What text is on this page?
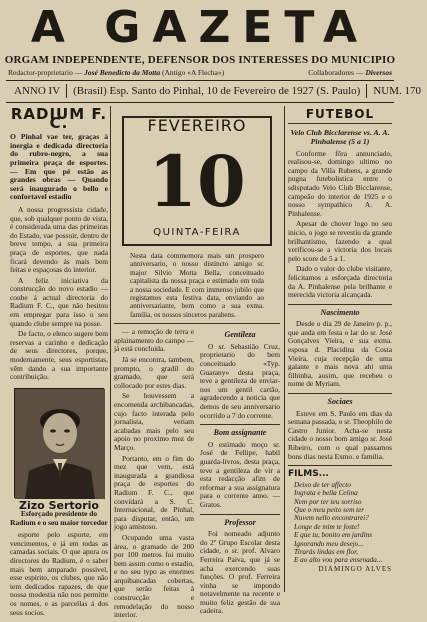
A GAZETA
ORGAM INDEPENDENTE, DEFENSOR DOS INTERESSES DO MUNICIPIO
Redactor-proprietario — José Benedicto da Motta (Antigo «A Flecha»)	Collaboradores — Diversos
ANNO IV	(Brasil) Esp. Santo do Pinhal, 10 de Fevereiro de 1927 (S. Paulo)	NUM. 170
RADIUM F. C.
O Pinhal vae ter, graças á inergia e dedicada directoria do rubro-negro, a sua primeira praça de esportes. — Em que pé estão as grandes obras — Quando será inaugurado o bello e confortavel estadio

A nossa progressista cidade, que, sob qualquer ponto de vista, é considerada uma das primeiras do Estado, vae possuir, dentro de breve tempo, a sua primeira praça de esportes, que nada ficará devendo ás mais bem feitas e espaçosas do interior.

A feliz iniciativa da construcção do novo estadio — coube á actual directoria do Radium F. C., que não hesitou em empregar para isso o seu quando clube sempre na posse.

De facto, o elenco sugere bem reservas a carinho e dedicação de seus directores, porque, modernamente, seus esportistas, vêm dando a sua importante contribuição.

Zizo Sertorio
Esforçado presidente do Radium e o seu maior torcedor

esporte pelo esporte, em vencimentos, e já em todas as camadas sociais. O que apura os directores do Radium, é o saber mais bem amparado possivel, esse espirito, os clubes, que não tem dedicados rapazes, de que nossa modestia não nos permitte os nomes, e as parcellas á dos seus socios.

FEVEREIRO
10
QUINTA-FEIRA
Nesta data commemora mais um prospero anniversario, o nosso distincto amigo sr. major Silvio Motta Bella, conceituado capitalista da nossa praça e estimado em toda a nossa sociedade. E com immenso jubilo que registamos esta festiva data, enviando ao anniversariante, bem como a sua exma. familia, os nossos sinceros parabens.

— a remoção de terra e aplainamento do campo — já está concluida.

Já se encontra, tambem, prompto, o gradil do gramado, que será collocado por estes dias.

Se houvessem a encomenda archibancadas, cujo facto interada pelo jornalista, veriam acabadas mais pelo seu apoio no proximo mez de Março.

Portanto, em o fim do mez que vem, está inaugurada a grandiosa praça de esportes do Radium F. C., que convidará a S. C. Internacional, de Pinhal, para disputar, então, um jogo amistoso.

Ocupando uma vasta área, o gramado de 200 por 100 metros foi muito bem assim como o estadio, e no seu typo as enormes arquibancadas cobertas, que serão feitas á construcção e remodelação do nosso interior.

Gentileza

O sr. Sebastião Cruz, proprietario do bem conceituado «Typ. Guarany» desta praça, teve a gentileza de enviar-nos um gentil cartão, agradecendo a noticia que demos de seu anniversario ocorrido a 7 do corrente.

Bom assignante

O estimado moço sr. José de Fellipe, habil guarda-livros, desta praça, teve a gentileza de vir a esta redacção afim de reformar a sua assignatura para o corrente anno. — Gratos.

Professor

Foi nomeado adjunto do 2º Grupo Escolar desta cidade, o sr. prof. Alvaro Ferreira Paiva, que já se acha exercendo suas funções. O prof. Ferreira vinha se impondo notavelmente na recente e muito feliz gestão de sua cadeira.

FUTEBOL
Velo Club Bicclarense vs. A. A. Pinhalense (5 a 1)

Conforme fôra annunciado, realisou-se, domingo ultimo no campo da Villa Rubens, a grande pugna futebolistica entre o sdisputado Velo Club Bicclarense, campeão do interior de 1925 e o nosso sympathico A. A. Pinhalense.

Apesar de chover logo no seu inicio, o jogo se revestiu da grande brilhantismo, fazendo a qual verificou-se a victoria dos locais pelo score de 5 a 1.

Dado o valor do clube visitante, felicitamos a esforçada directoria da A. Pinhalense pela brilhante e merecida victoria alcançada.

Nascimento

Desde o dia 29 de Janeiro p. p., que anda em festa o lar do sr. José Gonçalves Vieira, e sua exma. esposa d. Placidina da Costa Vieira, cuja recepção de uma galante e mais nova ahi uma filhinha, ausim, que recebeu o nome de Myriam.

Sociaes

Esteve em S. Paulo em dias da semana passada, o sr. Theophilo de Castro Junior. Acha-se nesta cidade o nosso bom amigo sr. José Ribeiro, com o qual passamos bons dias nesta Exmo. e familia.

FILMS...
Deixo de ter affecto
Ingrata e bella Celina
Nem por ter teu sorriso
Que o meu peito sem ter
Nuvem nello encontrarei?
Longe de mim te foste!
E que tu, bonito em jardins
Ignorando meu desejo...
Tirarás lindas em flor,
E ao alto vou para ensenada...
DIAMINGO ALVES
